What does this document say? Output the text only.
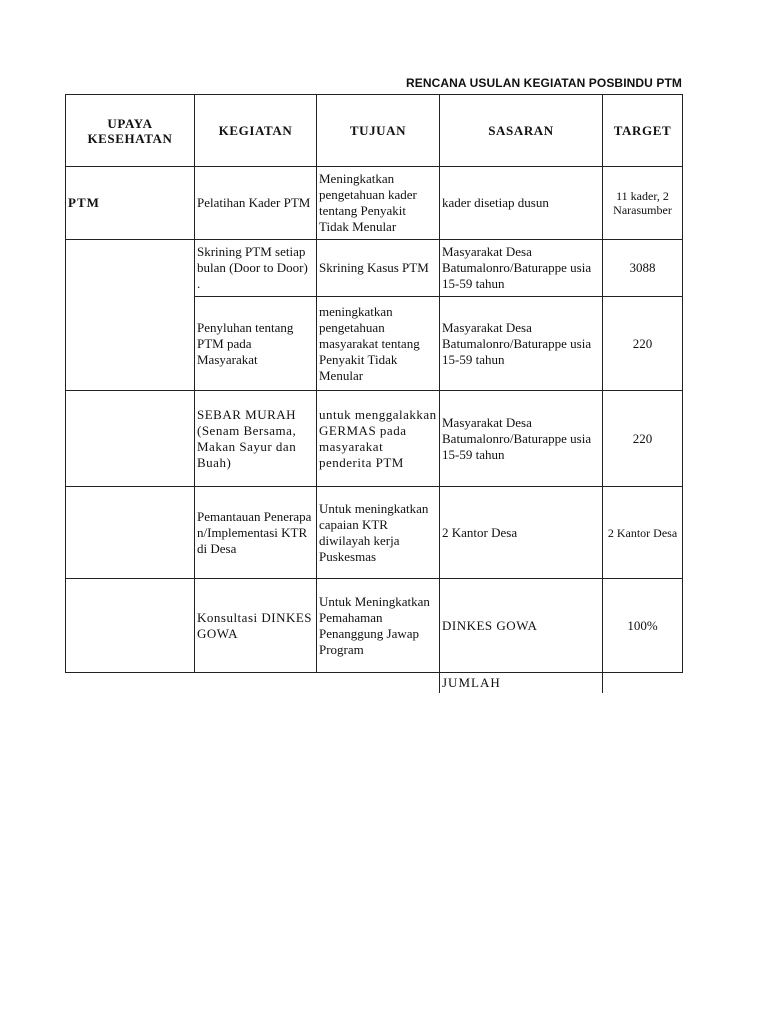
RENCANA USULAN KEGIATAN POSBINDU PTM
UPAYA KESEHATAN	KEGIATAN	TUJUAN	SASARAN	TARGET
PTM	Pelatihan Kader PTM	Meningkatkan pengetahuan kader tentang Penyakit Tidak Menular	kader disetiap dusun	11 kader, 2 Narasumber
	Skrining PTM setiap bulan (Door to Door) .	Skrining Kasus PTM	Masyarakat Desa Batumalonro/Baturappe usia 15-59 tahun	3088
	Penyluhan tentang PTM pada Masyarakat	meningkatkan pengetahuan masyarakat tentang Penyakit Tidak Menular	Masyarakat Desa Batumalonro/Baturappe usia 15-59 tahun	220
	SEBAR MURAH (Senam Bersama, Makan Sayur dan Buah)	untuk menggalakkan GERMAS pada masyarakat penderita PTM	Masyarakat Desa Batumalonro/Baturappe usia 15-59 tahun	220
	Pemantauan Penerapan/Implementasi KTR di Desa	Untuk meningkatkan capaian KTR diwilayah kerja Puskesmas	2 Kantor Desa	2 Kantor Desa
	Konsultasi DINKES GOWA	Untuk Meningkatkan Pemahaman Penanggung Jawap Program	DINKES GOWA	100%
			JUMLAH	
